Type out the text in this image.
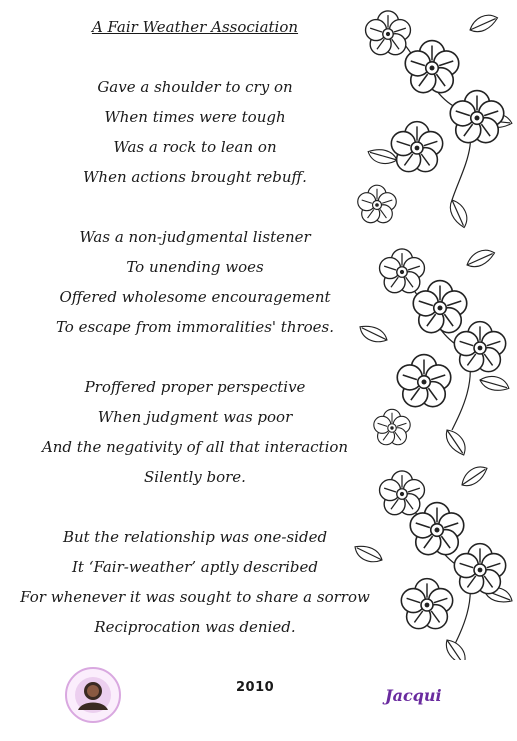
A Fair Weather Association
Gave a shoulder to cry on
When times were tough
Was a rock to lean on
When actions brought rebuff.
Was a non-judgmental listener
To unending woes
Offered wholesome encouragement
To escape from immoralities' throes.
Proffered proper perspective
When judgment was poor
And the negativity of all that interaction
Silently bore.
But the relationship was one-sided
It ‘Fair-weather’ aptly described
For whenever it was sought to share a sorrow
Reciprocation was denied.
2010	Jacqui
